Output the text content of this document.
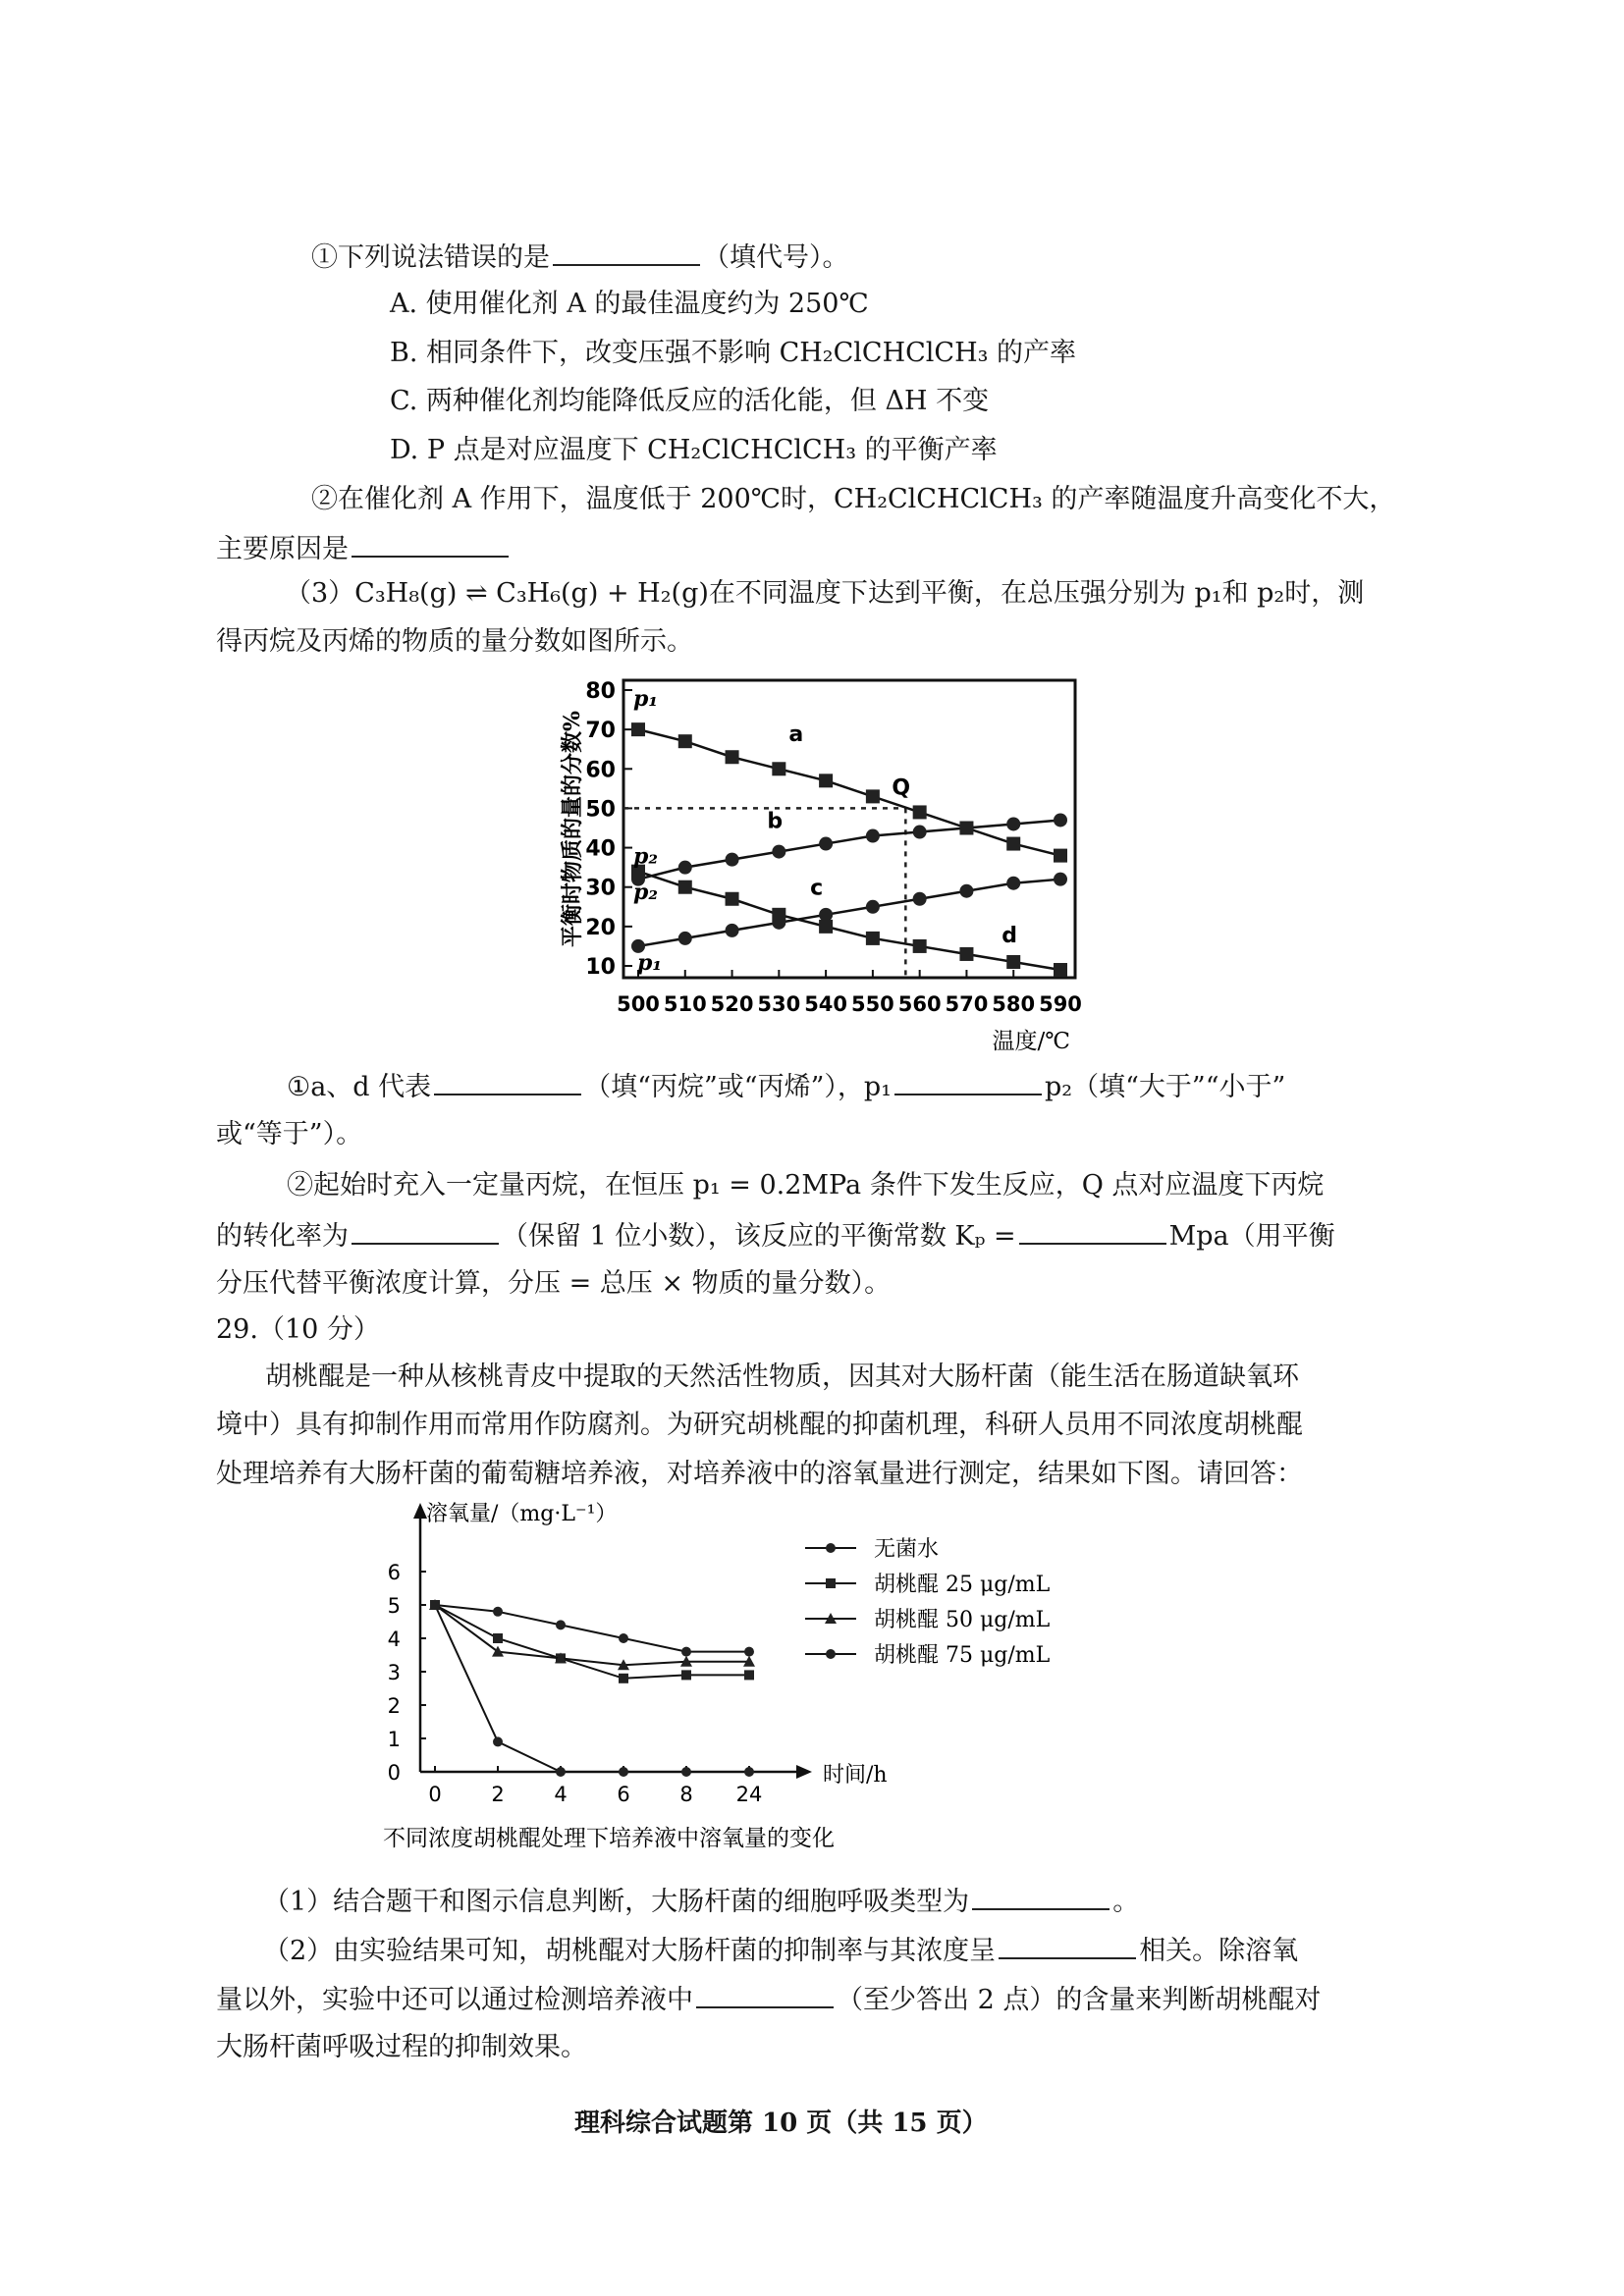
①下列说法错误的是	（填代号）。
A. 使用催化剂 A 的最佳温度约为 250℃
B. 相同条件下，改变压强不影响 CH₂ClCHClCH₃ 的产率
C. 两种催化剂均能降低反应的活化能，但 ΔH 不变
D. P 点是对应温度下 CH₂ClCHClCH₃ 的平衡产率
②在催化剂 A 作用下，温度低于 200℃时，CH₂ClCHClCH₃ 的产率随温度升高变化不大，
主要原因是
（3）C₃H₈(g) ⇌ C₃H₆(g) + H₂(g)在不同温度下达到平衡，在总压强分别为 p₁和 p₂时，测
得丙烷及丙烯的物质的量分数如图所示。
10
20
30
40
50
60
70
80
500 510 520 530 540 550 560 570 580 590
温度/℃
平衡时物质的量的分数%	a
b
c
d
p₁
p₂
p₂
p₁
Q
①a、d 代表	（填“丙烷”或“丙烯”），p₁	p₂（填“大于”“小于”
或“等于”）。
②起始时充入一定量丙烷，在恒压 p₁ = 0.2MPa 条件下发生反应，Q 点对应温度下丙烷
的转化率为	（保留 1 位小数），该反应的平衡常数 Kₚ =	Mpa（用平衡
分压代替平衡浓度计算，分压 = 总压 × 物质的量分数）。
29.（10 分）
胡桃醌是一种从核桃青皮中提取的天然活性物质，因其对大肠杆菌（能生活在肠道缺氧环
境中）具有抑制作用而常用作防腐剂。为研究胡桃醌的抑菌机理，科研人员用不同浓度胡桃醌
处理培养有大肠杆菌的葡萄糖培养液，对培养液中的溶氧量进行测定，结果如下图。请回答：
溶氧量/（mg·L⁻¹）
时间/h
0
1
2
3
4
5
6
0 2 4 6 8 24
无菌水
胡桃醌 25 μg/mL
胡桃醌 50 μg/mL
胡桃醌 75 μg/mL
不同浓度胡桃醌处理下培养液中溶氧量的变化
（1）结合题干和图示信息判断，大肠杆菌的细胞呼吸类型为	。
（2）由实验结果可知，胡桃醌对大肠杆菌的抑制率与其浓度呈	相关。除溶氧
量以外，实验中还可以通过检测培养液中	（至少答出 2 点）的含量来判断胡桃醌对
大肠杆菌呼吸过程的抑制效果。
理科综合试题第 10 页（共 15 页）
